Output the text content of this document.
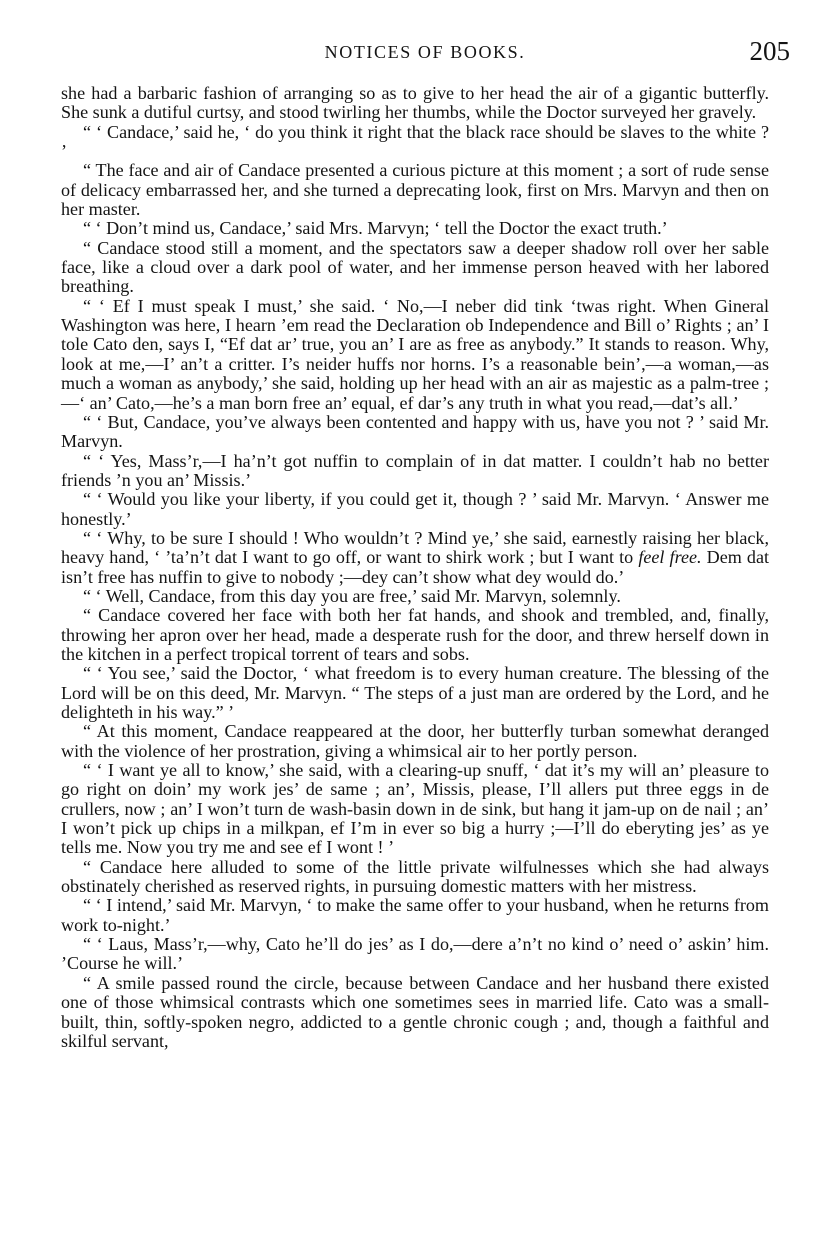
NOTICES OF BOOKS.	205

she had a barbaric fashion of arranging so as to give to her head the air of a gigantic butterfly. She sunk a dutiful curtsy, and stood twirling her thumbs, while the Doctor surveyed her gravely.

“ ‘ Candace,’ said he, ‘ do you think it right that the black race should be slaves to the white ? ’

“ The face and air of Candace presented a curious picture at this moment ; a sort of rude sense of delicacy embarrassed her, and she turned a deprecating look, first on Mrs. Marvyn and then on her master.

“ ‘ Don’t mind us, Candace,’ said Mrs. Marvyn; ‘ tell the Doctor the exact truth.’

“ Candace stood still a moment, and the spectators saw a deeper shadow roll over her sable face, like a cloud over a dark pool of water, and her immense person heaved with her labored breathing.

“ ‘ Ef I must speak I must,’ she said. ‘ No,—I neber did tink ‘twas right. When Gineral Washington was here, I hearn ’em read the Declaration ob Independence and Bill o’ Rights ; an’ I tole Cato den, says I, “Ef dat ar’ true, you an’ I are as free as anybody.” It stands to reason. Why, look at me,—I’ an’t a critter. I’s neider huffs nor horns. I’s a reasonable bein’,—a woman,—as much a woman as anybody,’ she said, holding up her head with an air as majestic as a palm-tree ;—‘ an’ Cato,—he’s a man born free an’ equal, ef dar’s any truth in what you read,—dat’s all.’

“ ‘ But, Candace, you’ve always been contented and happy with us, have you not ? ’ said Mr. Marvyn.

“ ‘ Yes, Mass’r,—I ha’n’t got nuffin to complain of in dat matter. I couldn’t hab no better friends ’n you an’ Missis.’

“ ‘ Would you like your liberty, if you could get it, though ? ’ said Mr. Marvyn. ‘ Answer me honestly.’

“ ‘ Why, to be sure I should ! Who wouldn’t ? Mind ye,’ she said, earnestly raising her black, heavy hand, ‘ ’ta’n’t dat I want to go off, or want to shirk work ; but I want to feel free. Dem dat isn’t free has nuffin to give to nobody ;—dey can’t show what dey would do.’

“ ‘ Well, Candace, from this day you are free,’ said Mr. Marvyn, solemnly.

“ Candace covered her face with both her fat hands, and shook and trembled, and, finally, throwing her apron over her head, made a desperate rush for the door, and threw herself down in the kitchen in a perfect tropical torrent of tears and sobs.

“ ‘ You see,’ said the Doctor, ‘ what freedom is to every human creature. The blessing of the Lord will be on this deed, Mr. Marvyn. “ The steps of a just man are ordered by the Lord, and he delighteth in his way.” ’

“ At this moment, Candace reappeared at the door, her butterfly turban somewhat deranged with the violence of her prostration, giving a whimsical air to her portly person.

“ ‘ I want ye all to know,’ she said, with a clearing-up snuff, ‘ dat it’s my will an’ pleasure to go right on doin’ my work jes’ de same ; an’, Missis, please, I’ll allers put three eggs in de crullers, now ; an’ I won’t turn de wash-basin down in de sink, but hang it jam-up on de nail ; an’ I won’t pick up chips in a milkpan, ef I’m in ever so big a hurry ;—I’ll do eberyting jes’ as ye tells me. Now you try me and see ef I wont ! ’

“ Candace here alluded to some of the little private wilfulnesses which she had always obstinately cherished as reserved rights, in pursuing domestic matters with her mistress.

“ ‘ I intend,’ said Mr. Marvyn, ‘ to make the same offer to your husband, when he returns from work to-night.’

“ ‘ Laus, Mass’r,—why, Cato he’ll do jes’ as I do,—dere a’n’t no kind o’ need o’ askin’ him. ’Course he will.’

“ A smile passed round the circle, because between Candace and her husband there existed one of those whimsical contrasts which one sometimes sees in married life. Cato was a small-built, thin, softly-spoken negro, addicted to a gentle chronic cough ; and, though a faithful and skilful servant,
